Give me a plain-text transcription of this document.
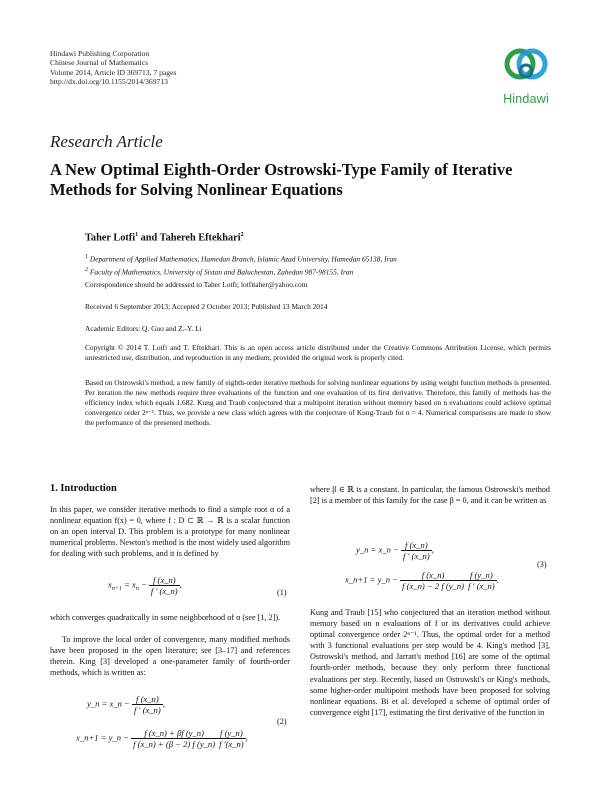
Hindawi Publishing Corporation
Chinese Journal of Mathematics
Volume 2014, Article ID 369713, 7 pages
http://dx.doi.org/10.1155/2014/369713
Hindawi
Research Article
A New Optimal Eighth-Order Ostrowski-Type Family of Iterative
Methods for Solving Nonlinear Equations
Taher Lotfi$^1$ and Tahereh Eftekhari$^2$
$^1$ Department of Applied Mathematics, Hamedan Branch, Islamic Azad University, Hamedan 65138, Iran
$^2$ Faculty of Mathematics, University of Sistan and Baluchestan, Zahedan 987-98155, Iran
Correspondence should be addressed to Taher Lotfi; lotfitaher@yahoo.com
Received 6 September 2013; Accepted 2 October 2013; Published 13 March 2014
Academic Editors: Q. Guo and Z.-Y. Li
Copyright © 2014 T. Lotfi and T. Eftekhari. This is an open access article distributed under the Creative Commons Attribution License, which permits unrestricted use, distribution, and reproduction in any medium, provided the original work is properly cited.
Based on Ostrowski's method, a new family of eighth-order iterative methods for solving nonlinear equations by using weight function methods is presented. Per iteration the new methods require three evaluations of the function and one evaluation of its first derivative. Therefore, this family of methods has the efficiency index which equals 1.682. Kung and Traub conjectured that a multipoint iteration without memory based on n evaluations could achieve optimal convergence order 2ⁿ⁻¹. Thus, we provide a new class which agrees with the conjecture of Kung-Traub for n = 4. Numerical comparisons are made to show the performance of the presented methods.
1. Introduction
In this paper, we consider iterative methods to find a simple root α of a nonlinear equation f(x) = 0, where f : D ⊂ ℝ → ℝ is a scalar function on an open interval D. This problem is a prototype for many nonlinear numerical problems. Newton's method is the most widely used algorithm for dealing with such problems, and it is defined by
$x_{n+1} = x_n - \frac{f (x\_n)}{f ' (x\_n)}$ ,
(1)
which converges quadratically in some neighborhood of α (see [1, 2]).
To improve the local order of convergence, many modified methods have been proposed in the open literature; see [3–17] and references therein. King [3] developed a one-parameter family of fourth-order methods, which is written as:
y_n = x_n − $\frac{f (x\_n)}{f ' (x\_n)}$ ,
x_n+1 = y_n − $\frac{f (x\_n) + \beta f (y\_n)}{f (x\_n) + (\beta - 2) f (y\_n)} \frac{f (y\_n)}{f '(x\_n)}$ ,
(2)
where β ∈ ℝ is a constant. In particular, the famous Ostrowski's method [2] is a member of this family for the case β = 0, and it can be written as
y_n = x_n − $\frac{f (x\_n)}{f ' (x\_n)}$ ,
x_n+1 = y_n − $\frac{f (x\_n)}{f (x\_n) - 2 f (y\_n)} \frac{f (y\_n)}{f ' (x\_n)}$ .
(3)
Kung and Traub [15] who conjectured that an iteration method without memory based on n evaluations of f or its derivatives could achieve optimal convergence order 2ⁿ⁻¹. Thus, the optimal order for a method with 3 functional evaluations per step would be 4. King's method [3], Ostrowski's method, and Jarratt's method [16] are some of the optimal fourth-order methods, because they only perform three functional evaluations per step. Recently, based on Ostrowski's or King's methods, some higher-order multipoint methods have been proposed for solving nonlinear equations. Bi et al. developed a scheme of optimal order of convergence eight [17], estimating the first derivative of the function in
